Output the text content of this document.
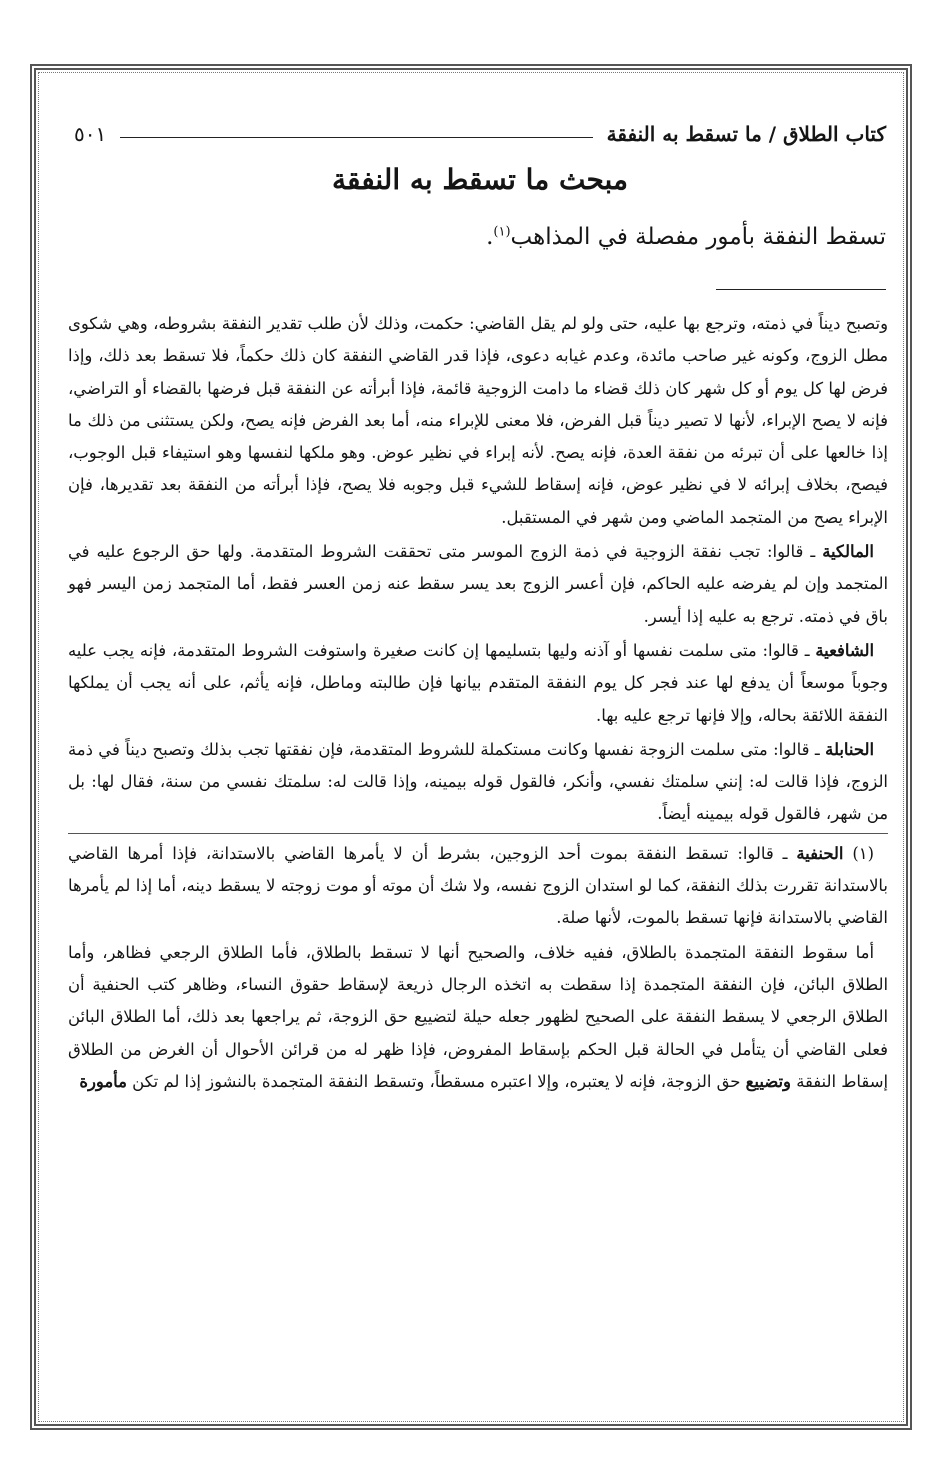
كتاب الطلاق / ما تسقط به النفقة
٥٠١
مبحث ما تسقط به النفقة

تسقط النفقة بأمور مفصلة في المذاهب$^{(١)}$.

وتصبح ديناً في ذمته، وترجع بها عليه، حتى ولو لم يقل القاضي: حكمت، وذلك لأن طلب تقدير النفقة بشروطه، وهي شكوى مطل الزوج، وكونه غير صاحب مائدة، وعدم غيابه دعوى، فإذا قدر القاضي النفقة كان ذلك حكماً، فلا تسقط بعد ذلك، وإذا فرض لها كل يوم أو كل شهر كان ذلك قضاء ما دامت الزوجية قائمة، فإذا أبرأته عن النفقة قبل فرضها بالقضاء أو التراضي، فإنه لا يصح الإبراء، لأنها لا تصير ديناً قبل الفرض، فلا معنى للإبراء منه، أما بعد الفرض فإنه يصح، ولكن يستثنى من ذلك ما إذا خالعها على أن تبرئه من نفقة العدة، فإنه يصح. لأنه إبراء في نظير عوض. وهو ملكها لنفسها وهو استيفاء قبل الوجوب، فيصح، بخلاف إبرائه لا في نظير عوض، فإنه إسقاط للشيء قبل وجوبه فلا يصح، فإذا أبرأته من النفقة بعد تقديرها، فإن الإبراء يصح من المتجمد الماضي ومن شهر في المستقبل.

المالكية ـ قالوا: تجب نفقة الزوجية في ذمة الزوج الموسر متى تحققت الشروط المتقدمة. ولها حق الرجوع عليه في المتجمد وإن لم يفرضه عليه الحاكم، فإن أعسر الزوج بعد يسر سقط عنه زمن العسر فقط، أما المتجمد زمن اليسر فهو باق في ذمته. ترجع به عليه إذا أيسر.

الشافعية ـ قالوا: متى سلمت نفسها أو آذنه وليها بتسليمها إن كانت صغيرة واستوفت الشروط المتقدمة، فإنه يجب عليه وجوباً موسعاً أن يدفع لها عند فجر كل يوم النفقة المتقدم بيانها فإن طالبته وماطل، فإنه يأثم، على أنه يجب أن يملكها النفقة اللائقة بحاله، وإلا فإنها ترجع عليه بها.

الحنابلة ـ قالوا: متى سلمت الزوجة نفسها وكانت مستكملة للشروط المتقدمة، فإن نفقتها تجب بذلك وتصبح ديناً في ذمة الزوج، فإذا قالت له: إنني سلمتك نفسي، وأنكر، فالقول قوله بيمينه، وإذا قالت له: سلمتك نفسي من سنة، فقال لها: بل من شهر، فالقول قوله بيمينه أيضاً.

(١) الحنفية ـ قالوا: تسقط النفقة بموت أحد الزوجين، بشرط أن لا يأمرها القاضي بالاستدانة، فإذا أمرها القاضي بالاستدانة تقررت بذلك النفقة، كما لو استدان الزوج نفسه، ولا شك أن موته أو موت زوجته لا يسقط دينه، أما إذا لم يأمرها القاضي بالاستدانة فإنها تسقط بالموت، لأنها صلة.

أما سقوط النفقة المتجمدة بالطلاق، ففيه خلاف، والصحيح أنها لا تسقط بالطلاق، فأما الطلاق الرجعي فظاهر، وأما الطلاق البائن، فإن النفقة المتجمدة إذا سقطت به اتخذه الرجال ذريعة لإسقاط حقوق النساء، وظاهر كتب الحنفية أن الطلاق الرجعي لا يسقط النفقة على الصحيح لظهور جعله حيلة لتضييع حق الزوجة، ثم يراجعها بعد ذلك، أما الطلاق البائن فعلى القاضي أن يتأمل في الحالة قبل الحكم بإسقاط المفروض، فإذا ظهر له من قرائن الأحوال أن الغرض من الطلاق إسقاط النفقة وتضييع حق الزوجة، فإنه لا يعتبره، وإلا اعتبره مسقطاً، وتسقط النفقة المتجمدة بالنشوز إذا لم تكن مأمورة
